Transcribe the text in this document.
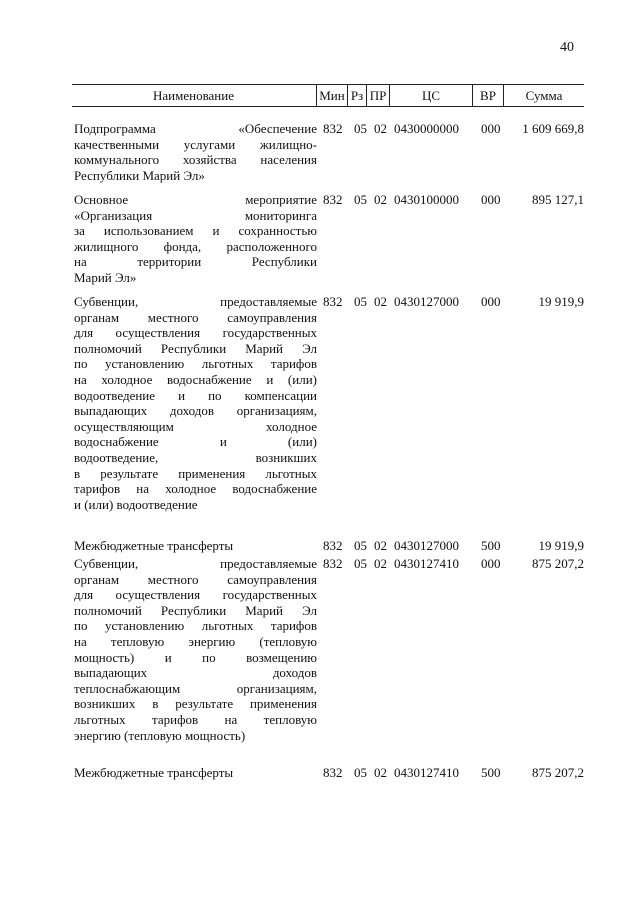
40
Наименование	Мин Рз ПР	ЦС	ВР	Сумма
Подпрограмма «Обеспечение
качественными услугами жилищно-
коммунального хозяйства населения
Республики Марий Эл»
832 05 02 0430000000 000	1 609 669,8
Основное мероприятие
«Организация мониторинга
за использованием и сохранностью
жилищного фонда, расположенного
на территории Республики
Марий Эл»
832 05 02 0430100000 000	895 127,1
Субвенции, предоставляемые
органам местного самоуправления
для осуществления государственных
полномочий Республики Марий Эл
по установлению льготных тарифов
на холодное водоснабжение и (или)
водоотведение и по компенсации
выпадающих доходов организациям,
осуществляющим холодное
водоснабжение и (или)
водоотведение, возникших
в результате применения льготных
тарифов на холодное водоснабжение
и (или) водоотведение
832 05 02 0430127000 000	19 919,9
Межбюджетные трансферты	832 05 02 0430127000 500	19 919,9
Субвенции, предоставляемые
органам местного самоуправления
для осуществления государственных
полномочий Республики Марий Эл
по установлению льготных тарифов
на тепловую энергию (тепловую
мощность) и по возмещению
выпадающих доходов
теплоснабжающим организациям,
возникших в результате применения
льготных тарифов на тепловую
энергию (тепловую мощность)
832 05 02 0430127410 000	875 207,2
Межбюджетные трансферты	832 05 02 0430127410 500	875 207,2
